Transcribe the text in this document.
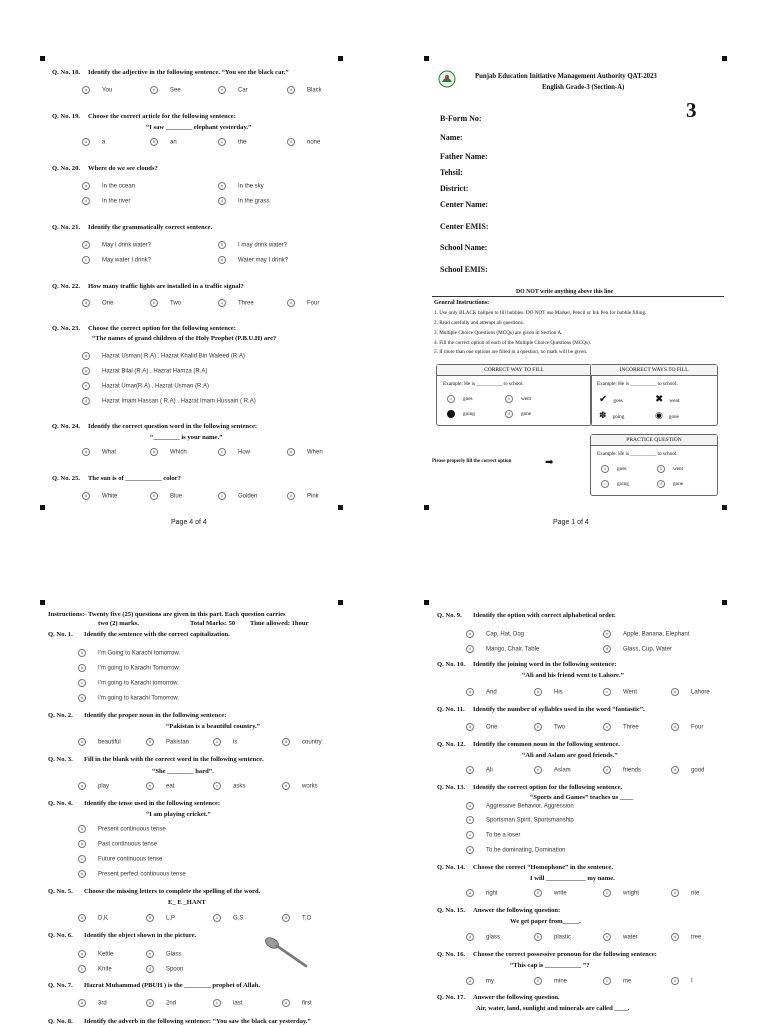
Q. No. 18. Identify the adjective in the following sentence. “You see the black car.”
a You	b See	c	Car	d Black
Q. No. 19. Choose the correct article for the following sentence:
“I saw ________ elephant yesterday.”
a a	b an	c	the	d none
Q. No. 20. Where do we see clouds?
a In the ocean	b In the sky
c	In the river	d In the grass
Q. No. 21. Identify the grammatically correct sentence.
a May I drink water?	b I may drink water?
c	May water I drink?	d Water may I drink?
Q. No. 22. How many traffic lights are installed in a traffic signal?
a One	b Two	c	Three	d Four
Q. No. 23. Choose the correct option for the following sentence:
“The names of grand children of the Holy Prophet (P.B.U.H) are?
a Hazrat Usman( R.A) , Hazrat Khalid Bin Waleed (R.A)
b Hazrat Bilal (R.A) , Hazrat Hamza (R.A)
c	Hazrat Umar(R.A) , Hazrat Usman (R.A)
d Hazrat Imam Hassan ( R.A) , Hazrat Imam Hussain ( R.A)
Q. No. 24. Identify the correct question word in the following sentence:
“________ is your name.”
a What	b Which	c	How	d When
Q. No. 25. The sun is of ___________ color?
a White	b Blue	c	Golden	d Pink
Page 4 of 4
Punjab Education Initiative Management Authority QAT-2023
English Grade-3 (Section-A)
3
B-Form No:
Name:
Father Name:
Tehsil:
District:
Center Name:
Center EMIS:
School Name:
School EMIS:
DO NOT write anything above this line
General Instructions:
1. Use only BLACK ballpen to fill bubbles. DO NOT use Marker, Pencil or Ink Pen for bubble filling.
2. Read carefully and attempt all questions.
3. Multiple Choice Questions (MCQs) are given in Section A.
4. Fill the correct option of each of the Multiple Choice Questions (MCQs).
5. If more than one options are filled in a question, no mark will be given.
CORRECT WAY TO FILL
Example: He is __________ to school.
a goes	b went
going	d gone
INCORRECT WAYS TO FILL
Example: He is __________ to school.
✔ goes	✖ went
✽ going	◉ gone
PRACTICE QUESTION
Example: He is __________ to school.
a goes	b went
c going	d gone
Please properly fill the correct option	➡
Page 1 of 4
Instructions:- Twenty five (25) questions are given in this part. Each question carries
two (2) marks.	Total Marks: 50 Time allowed: 1hour
Q. No. 1. Identify the sentence with the correct capitalization.
a I'm Going to Karachi tomorrow.
b I'm going to Karachi Tomorrow.
c	I'm going to Karachi tomorrow.
d I'm going to karachi Tomorrow.
Q. No. 2. Identify the proper noun in the following sentence:
“Pakistan is a beautiful country.”
a beautiful	b Pakistan	c	is	d country
Q. No. 3. Fill in the blank with the correct word in the following sentence.
“She ________ hard”.
a play	b eat	c	asks	d works
Q. No. 4. Identify the tense used in the following sentence:
“I am playing cricket.”
a Present continuous tense
b Past continuous tense
c	Future continuous tense
d Present perfect continuous tense
Q. No. 5. Choose the missing letters to complete the spelling of the word.
E_ E _HANT
a D,K	b L,P	c	G,S	d T,O
Q. No. 6. Identify the object shown in the picture.
a Kettle	b Glass
c	Knife	d Spoon
Q. No. 7. Hazrat Muhammad (PBUH ) is the ________ prophet of Allah.
a 3rd	b 2nd	c	last	d first
Q. No. 8. Identify the adverb in the following sentence: “You saw the black car yesterday.”
Q. No. 9. Identify the option with correct alphabetical order.
a Cap, Hat, Dog	b Apple, Banana, Elephant
c	Mango, Chair, Table	d Glass, Cup, Water
Q. No. 10. Identify the joining word in the following sentence:
“Ali and his friend went to Lahore.”
a And	b His	c	Went	d Lahore
Q. No. 11. Identify the number of syllables used in the word “fantastic”.
a One	b Two	c	Three	d Four
Q. No. 12. Identify the common noun in the following sentence.
“Ali and Aslam are good friends.”
a Ali	b Aslam	c	friends	d good
Q. No. 13. Identify the correct option for the following sentence.
“Sports and Games” teaches us ____
a Aggressive Behavior, Aggression
b Sportsman Spirit, Sportsmanship
c	To be a loser
d To be dominating, Domination
Q. No. 14. Choose the correct “Homophone” in the sentence.
I will ____________ my name.
a right	b write	c	wright	d rite
Q. No. 15. Answer the following question:
We get paper from_____.
a glass	b plastic	c	water	d tree
Q. No. 16. Choose the correct possessive pronoun for the following sentence:
“This cap is ___________ ”?
a my	b mine	c	me	d I
Q. No. 17. Answer the following question.
Air, water, land, sunlight and minerals are called ____.
